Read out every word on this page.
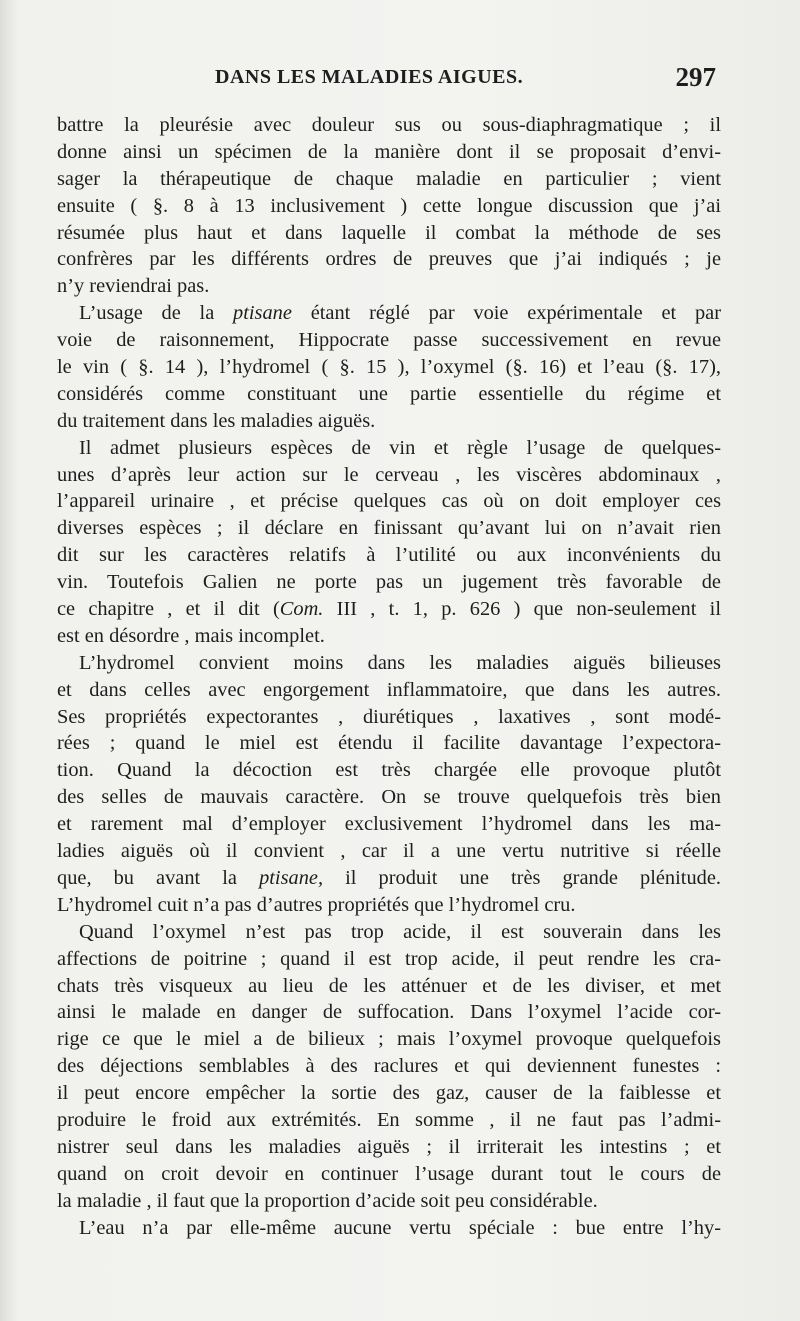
DANS LES MALADIES AIGUES.	297
battre la pleurésie avec douleur sus ou sous-diaphragmatique ; il
donne ainsi un spécimen de la manière dont il se proposait d’envi-
sager la thérapeutique de chaque maladie en particulier ; vient
ensuite ( §. 8 à 13 inclusivement ) cette longue discussion que j’ai
résumée plus haut et dans laquelle il combat la méthode de ses
confrères par les différents ordres de preuves que j’ai indiqués ; je
n’y reviendrai pas.
L’usage de la ptisane étant réglé par voie expérimentale et par
voie de raisonnement, Hippocrate passe successivement en revue
le vin ( §. 14 ), l’hydromel ( §. 15 ), l’oxymel (§. 16) et l’eau (§. 17),
considérés comme constituant une partie essentielle du régime et
du traitement dans les maladies aiguës.
Il admet plusieurs espèces de vin et règle l’usage de quelques-
unes d’après leur action sur le cerveau , les viscères abdominaux ,
l’appareil urinaire , et précise quelques cas où on doit employer ces
diverses espèces ; il déclare en finissant qu’avant lui on n’avait rien
dit sur les caractères relatifs à l’utilité ou aux inconvénients du
vin. Toutefois Galien ne porte pas un jugement très favorable de
ce chapitre , et il dit (Com. III , t. 1, p. 626 ) que non-seulement il
est en désordre , mais incomplet.
L’hydromel convient moins dans les maladies aiguës bilieuses
et dans celles avec engorgement inflammatoire, que dans les autres.
Ses propriétés expectorantes , diurétiques , laxatives , sont modé-
rées ; quand le miel est étendu il facilite davantage l’expectora-
tion. Quand la décoction est très chargée elle provoque plutôt
des selles de mauvais caractère. On se trouve quelquefois très bien
et rarement mal d’employer exclusivement l’hydromel dans les ma-
ladies aiguës où il convient , car il a une vertu nutritive si réelle
que, bu avant la ptisane, il produit une très grande plénitude.
L’hydromel cuit n’a pas d’autres propriétés que l’hydromel cru.
Quand l’oxymel n’est pas trop acide, il est souverain dans les
affections de poitrine ; quand il est trop acide, il peut rendre les cra-
chats très visqueux au lieu de les atténuer et de les diviser, et met
ainsi le malade en danger de suffocation. Dans l’oxymel l’acide cor-
rige ce que le miel a de bilieux ; mais l’oxymel provoque quelquefois
des déjections semblables à des raclures et qui deviennent funestes :
il peut encore empêcher la sortie des gaz, causer de la faiblesse et
produire le froid aux extrémités. En somme , il ne faut pas l’admi-
nistrer seul dans les maladies aiguës ; il irriterait les intestins ; et
quand on croit devoir en continuer l’usage durant tout le cours de
la maladie , il faut que la proportion d’acide soit peu considérable.
L’eau n’a par elle-même aucune vertu spéciale : bue entre l’hy-
